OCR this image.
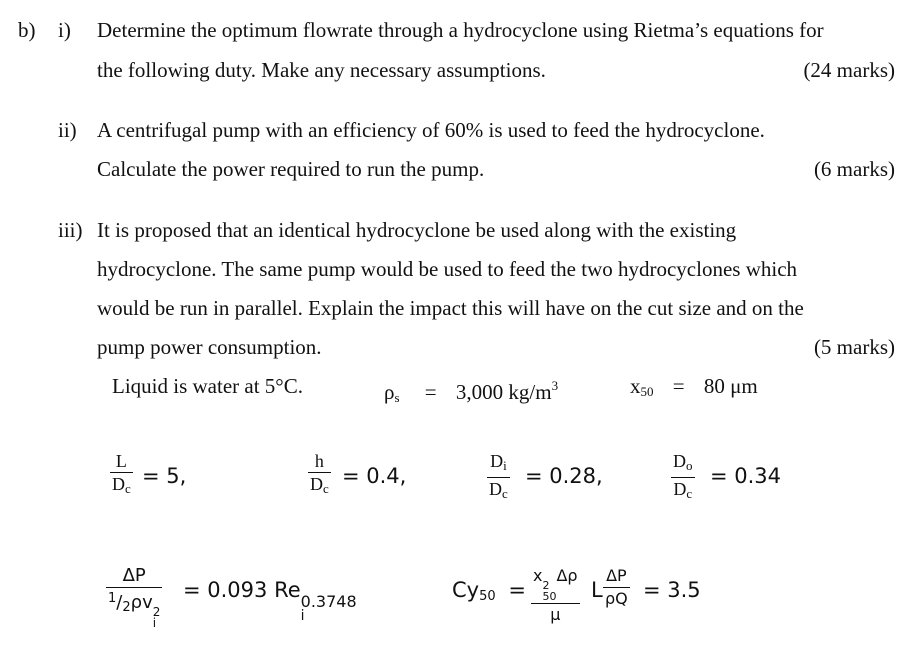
b) i) Determine the optimum flowrate through a hydrocyclone using Rietma’s equations for
the following duty. Make any necessary assumptions.	(24 marks)
ii) A centrifugal pump with an efficiency of 60% is used to feed the hydrocyclone.
Calculate the power required to run the pump.	(6 marks)
iii) It is proposed that an identical hydrocyclone be used along with the existing
hydrocyclone. The same pump would be used to feed the two hydrocyclones which
would be run in parallel. Explain the impact this will have on the cut size and on the
pump power consumption.	(5 marks)
Liquid is water at 5°C.	$\rho_s = 3,000$ $kg/m^3$	$x_{50} = 80$ μm
L
$D_c$
= 5,
h
$D_c$
= 0.4,
$D_i$
$D_c$
= 0.28,
$D_o$
$D_c$
= 0.34
ΔP
$^1/_2\rho v$ 2
i
= 0.093 Re 0.3748
i
$Cy_{50}$ =
x
2
50
Δρ
μ
L
ΔP
ρQ = 3.5
